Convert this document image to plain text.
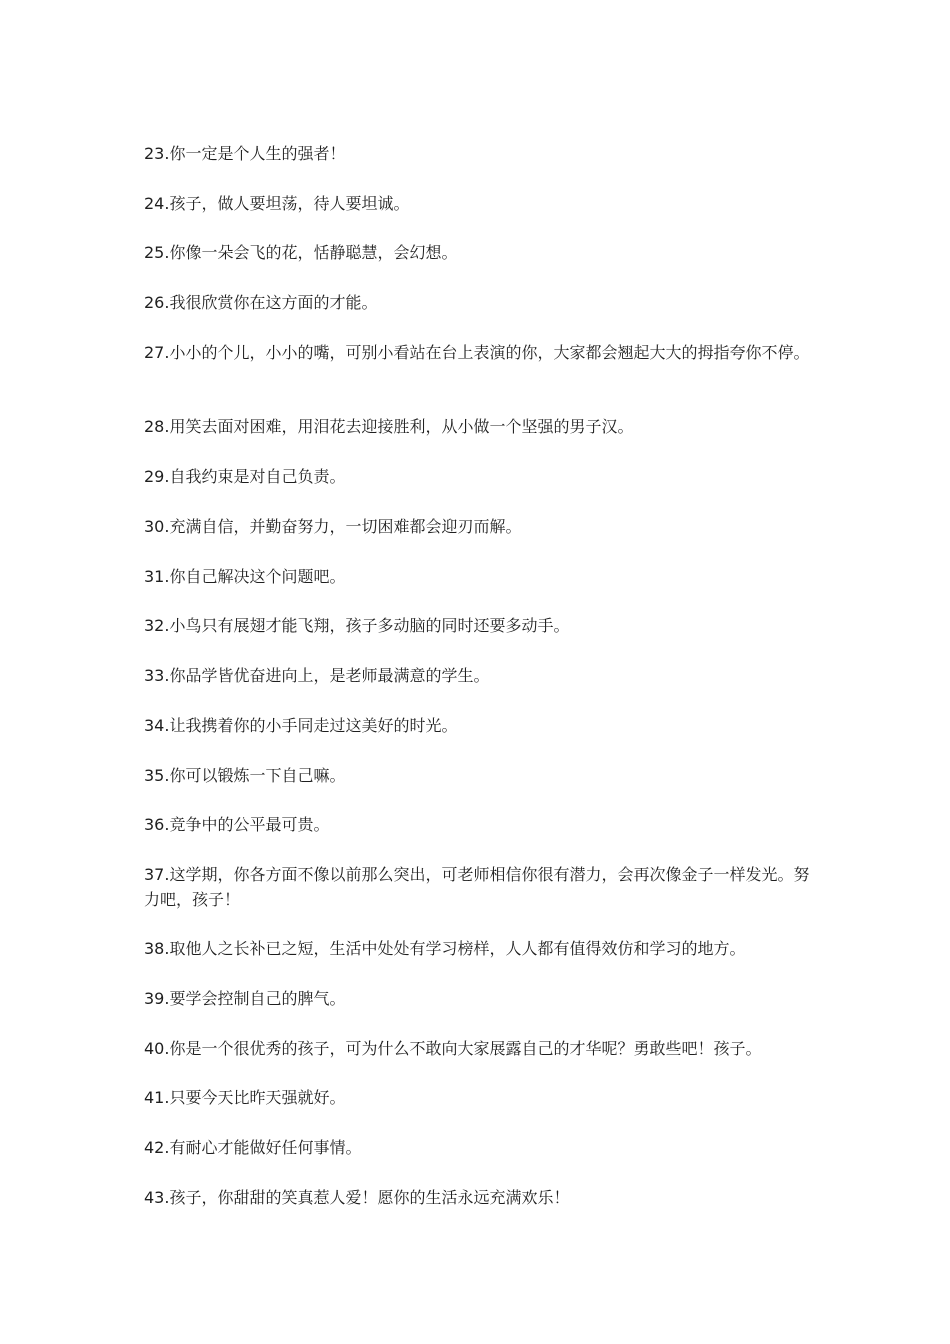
23.你一定是个人生的强者！

24.孩子，做人要坦荡，待人要坦诚。

25.你像一朵会飞的花，恬静聪慧，会幻想。

26.我很欣赏你在这方面的才能。

27.小小的个儿，小小的嘴，可别小看站在台上表演的你，大家都会翘起大大的拇指夸你不停。

28.用笑去面对困难，用泪花去迎接胜利，从小做一个坚强的男子汉。

29.自我约束是对自己负责。

30.充满自信，并勤奋努力，一切困难都会迎刃而解。

31.你自己解决这个问题吧。

32.小鸟只有展翅才能飞翔，孩子多动脑的同时还要多动手。

33.你品学皆优奋进向上，是老师最满意的学生。

34.让我携着你的小手同走过这美好的时光。

35.你可以锻炼一下自己嘛。

36.竞争中的公平最可贵。

37.这学期，你各方面不像以前那么突出，可老师相信你很有潜力，会再次像金子一样发光。努力吧，孩子！

38.取他人之长补已之短，生活中处处有学习榜样，人人都有值得效仿和学习的地方。

39.要学会控制自己的脾气。

40.你是一个很优秀的孩子，可为什么不敢向大家展露自己的才华呢？勇敢些吧！孩子。

41.只要今天比昨天强就好。

42.有耐心才能做好任何事情。

43.孩子，你甜甜的笑真惹人爱！愿你的生活永远充满欢乐！
